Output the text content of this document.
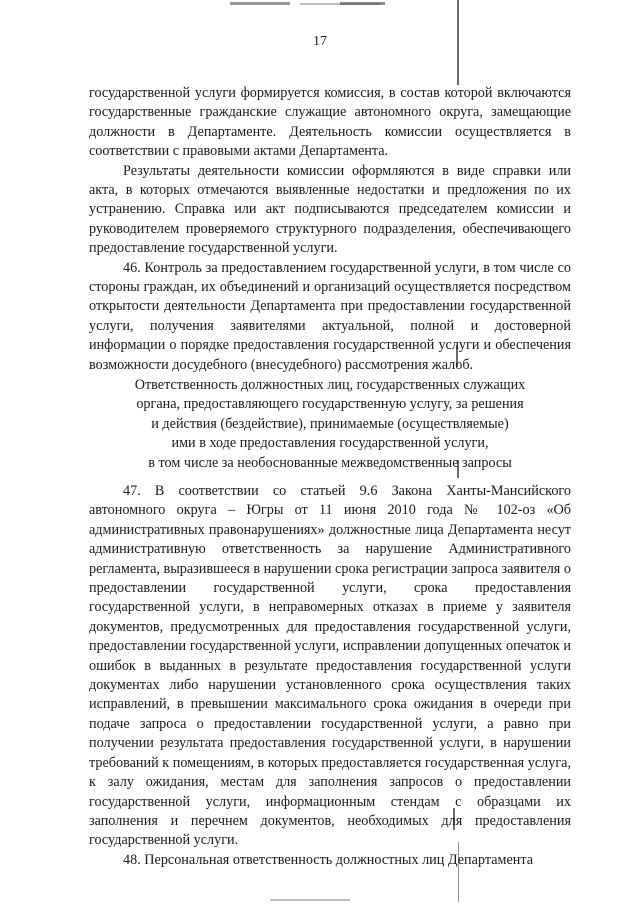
17

государственной услуги формируется комиссия, в состав которой включаются государственные гражданские служащие автономного округа, замещающие должности в Департаменте. Деятельность комиссии осуществляется в соответствии с правовыми актами Департамента.

Результаты деятельности комиссии оформляются в виде справки или акта, в которых отмечаются выявленные недостатки и предложения по их устранению. Справка или акт подписываются председателем комиссии и руководителем проверяемого структурного подразделения, обеспечивающего предоставление государственной услуги.

46. Контроль за предоставлением государственной услуги, в том числе со стороны граждан, их объединений и организаций осуществляется посредством открытости деятельности Департамента при предоставлении государственной услуги, получения заявителями актуальной, полной и достоверной информации о порядке предоставления государственной услуги и обеспечения возможности досудебного (внесудебного) рассмотрения жалоб.

Ответственность должностных лиц, государственных служащих
органа, предоставляющего государственную услугу, за решения
и действия (бездействие), принимаемые (осуществляемые)
ими в ходе предоставления государственной услуги,
в том числе за необоснованные межведомственные запросы

47. В соответствии со статьей 9.6 Закона Ханты-Мансийского автономного округа – Югры от 11 июня 2010 года № 102-оз «Об административных правонарушениях» должностные лица Департамента несут административную ответственность за нарушение Административного регламента, выразившееся в нарушении срока регистрации запроса заявителя о предоставлении государственной услуги, срока предоставления государственной услуги, в неправомерных отказах в приеме у заявителя документов, предусмотренных для предоставления государственной услуги, предоставлении государственной услуги, исправлении допущенных опечаток и ошибок в выданных в результате предоставления государственной услуги документах либо нарушении установленного срока осуществления таких исправлений, в превышении максимального срока ожидания в очереди при подаче запроса о предоставлении государственной услуги, а равно при получении результата предоставления государственной услуги, в нарушении требований к помещениям, в которых предоставляется государственная услуга, к залу ожидания, местам для заполнения запросов о предоставлении государственной услуги, информационным стендам с образцами их заполнения и перечнем документов, необходимых для предоставления государственной услуги.

48. Персональная ответственность должностных лиц Департамента
